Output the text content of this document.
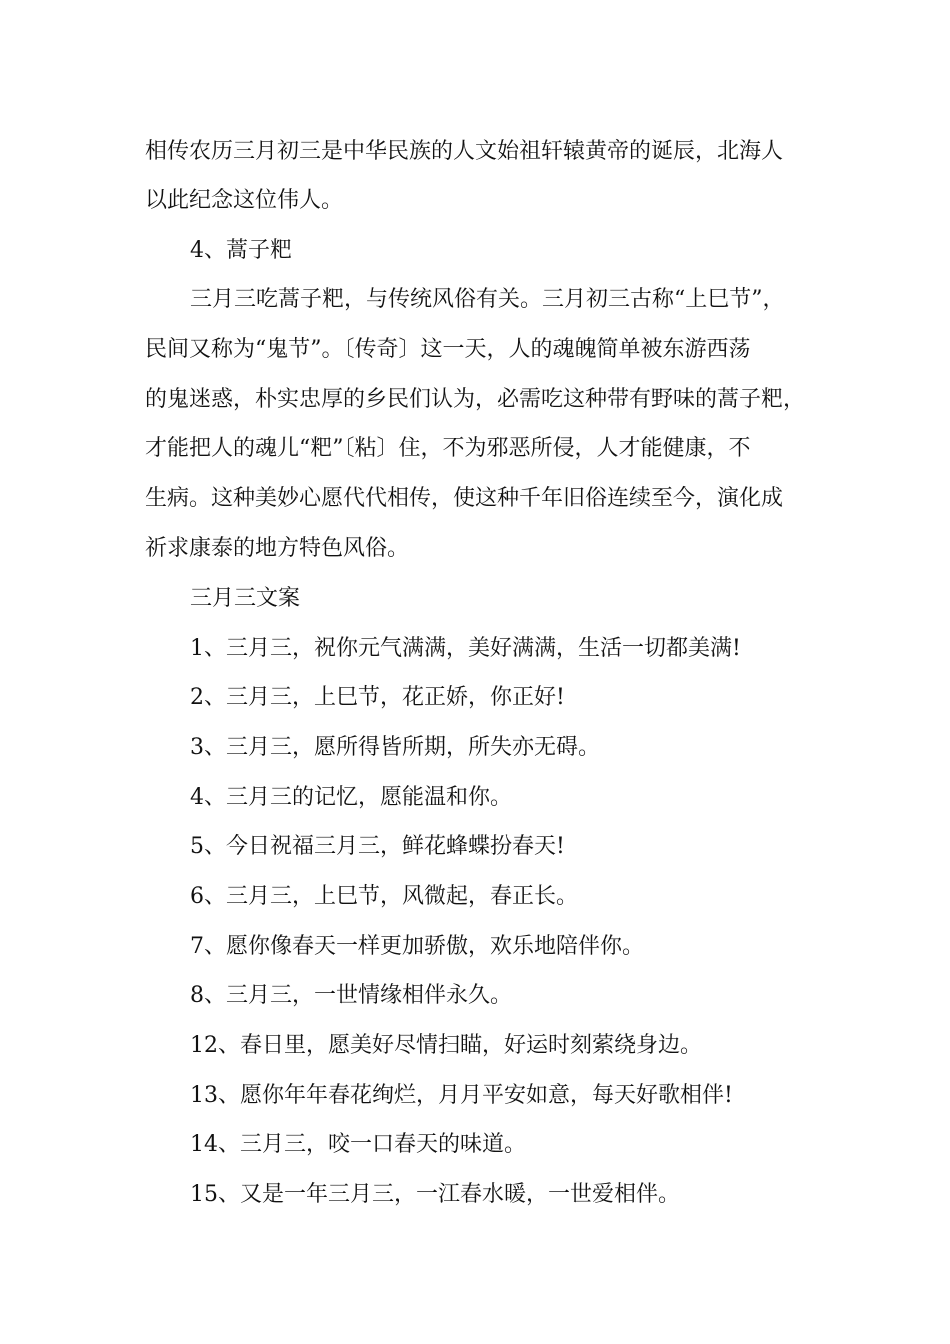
相传农历三月初三是中华民族的人文始祖轩辕黄帝的诞辰，北海人
以此纪念这位伟人。
4、蒿子粑
三月三吃蒿子粑，与传统风俗有关。三月初三古称“上巳节”，
民间又称为“鬼节”。〔传奇〕这一天，人的魂魄简单被东游西荡
的鬼迷惑，朴实忠厚的乡民们认为，必需吃这种带有野味的蒿子粑，
才能把人的魂儿“粑”〔粘〕住，不为邪恶所侵，人才能健康，不
生病。这种美妙心愿代代相传，使这种千年旧俗连续至今，演化成
祈求康泰的地方特色风俗。
三月三文案
1、三月三，祝你元气满满，美好满满，生活一切都美满!
2、三月三，上巳节，花正娇，你正好!
3、三月三，愿所得皆所期，所失亦无碍。
4、三月三的记忆，愿能温和你。
5、今日祝福三月三，鲜花蜂蝶扮春天!
6、三月三，上巳节，风微起，春正长。
7、愿你像春天一样更加骄傲，欢乐地陪伴你。
8、三月三，一世情缘相伴永久。
12、春日里，愿美好尽情扫瞄，好运时刻萦绕身边。
13、愿你年年春花绚烂，月月平安如意，每天好歌相伴!
14、三月三，咬一口春天的味道。
15、又是一年三月三，一江春水暖，一世爱相伴。
